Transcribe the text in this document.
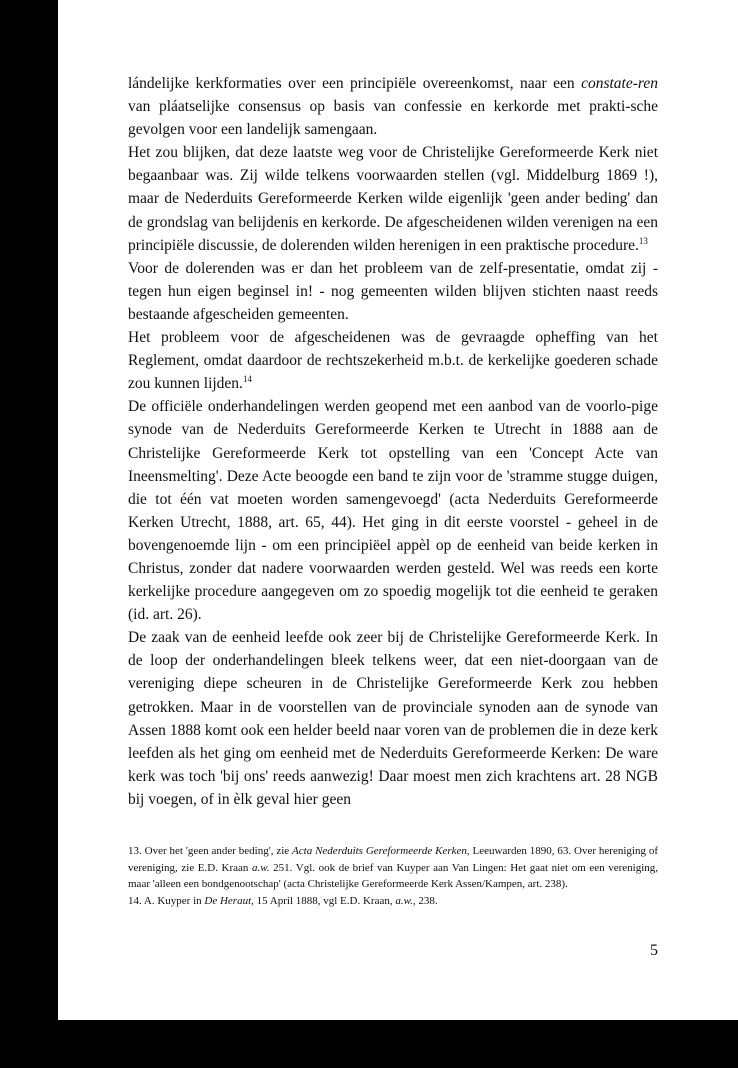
lándelijke kerkformaties over een principiële overeenkomst, naar een constate-ren van pláatselijke consensus op basis van confessie en kerkorde met prakti-sche gevolgen voor een landelijk samengaan.

Het zou blijken, dat deze laatste weg voor de Christelijke Gereformeerde Kerk niet begaanbaar was. Zij wilde telkens voorwaarden stellen (vgl. Middelburg 1869 !), maar de Nederduits Gereformeerde Kerken wilde eigenlijk 'geen ander beding' dan de grondslag van belijdenis en kerkorde. De afgescheidenen wilden verenigen na een principiële discussie, de dolerenden wilden herenigen in een praktische procedure.$^{13}$

Voor de dolerenden was er dan het probleem van de zelf-presentatie, omdat zij - tegen hun eigen beginsel in! - nog gemeenten wilden blijven stichten naast reeds bestaande afgescheiden gemeenten.

Het probleem voor de afgescheidenen was de gevraagde opheffing van het Reglement, omdat daardoor de rechtszekerheid m.b.t. de kerkelijke goederen schade zou kunnen lijden.$^{14}$

De officiële onderhandelingen werden geopend met een aanbod van de voorlo-pige synode van de Nederduits Gereformeerde Kerken te Utrecht in 1888 aan de Christelijke Gereformeerde Kerk tot opstelling van een 'Concept Acte van Ineensmelting'. Deze Acte beoogde een band te zijn voor de 'stramme stugge duigen, die tot één vat moeten worden samengevoegd' (acta Nederduits Gereformeerde Kerken Utrecht, 1888, art. 65, 44). Het ging in dit eerste voorstel - geheel in de bovengenoemde lijn - om een principiëel appèl op de eenheid van beide kerken in Christus, zonder dat nadere voorwaarden werden gesteld. Wel was reeds een korte kerkelijke procedure aangegeven om zo spoedig mogelijk tot die eenheid te geraken (id. art. 26).

De zaak van de eenheid leefde ook zeer bij de Christelijke Gereformeerde Kerk. In de loop der onderhandelingen bleek telkens weer, dat een niet-doorgaan van de vereniging diepe scheuren in de Christelijke Gereformeerde Kerk zou hebben getrokken. Maar in de voorstellen van de provinciale synoden aan de synode van Assen 1888 komt ook een helder beeld naar voren van de problemen die in deze kerk leefden als het ging om eenheid met de Nederduits Gereformeerde Kerken: De ware kerk was toch 'bij ons' reeds aanwezig! Daar moest men zich krachtens art. 28 NGB bij voegen, of in èlk geval hier geen

13. Over het 'geen ander beding', zie Acta Nederduits Gereformeerde Kerken, Leeuwarden 1890, 63. Over hereniging of vereniging, zie E.D. Kraan a.w. 251. Vgl. ook de brief van Kuyper aan Van Lingen: Het gaat niet om een vereniging, maar 'alleen een bondgenootschap' (acta Christelijke Gereformeerde Kerk Assen/Kampen, art. 238).

14. A. Kuyper in De Heraut, 15 April 1888, vgl E.D. Kraan, a.w., 238.

5
